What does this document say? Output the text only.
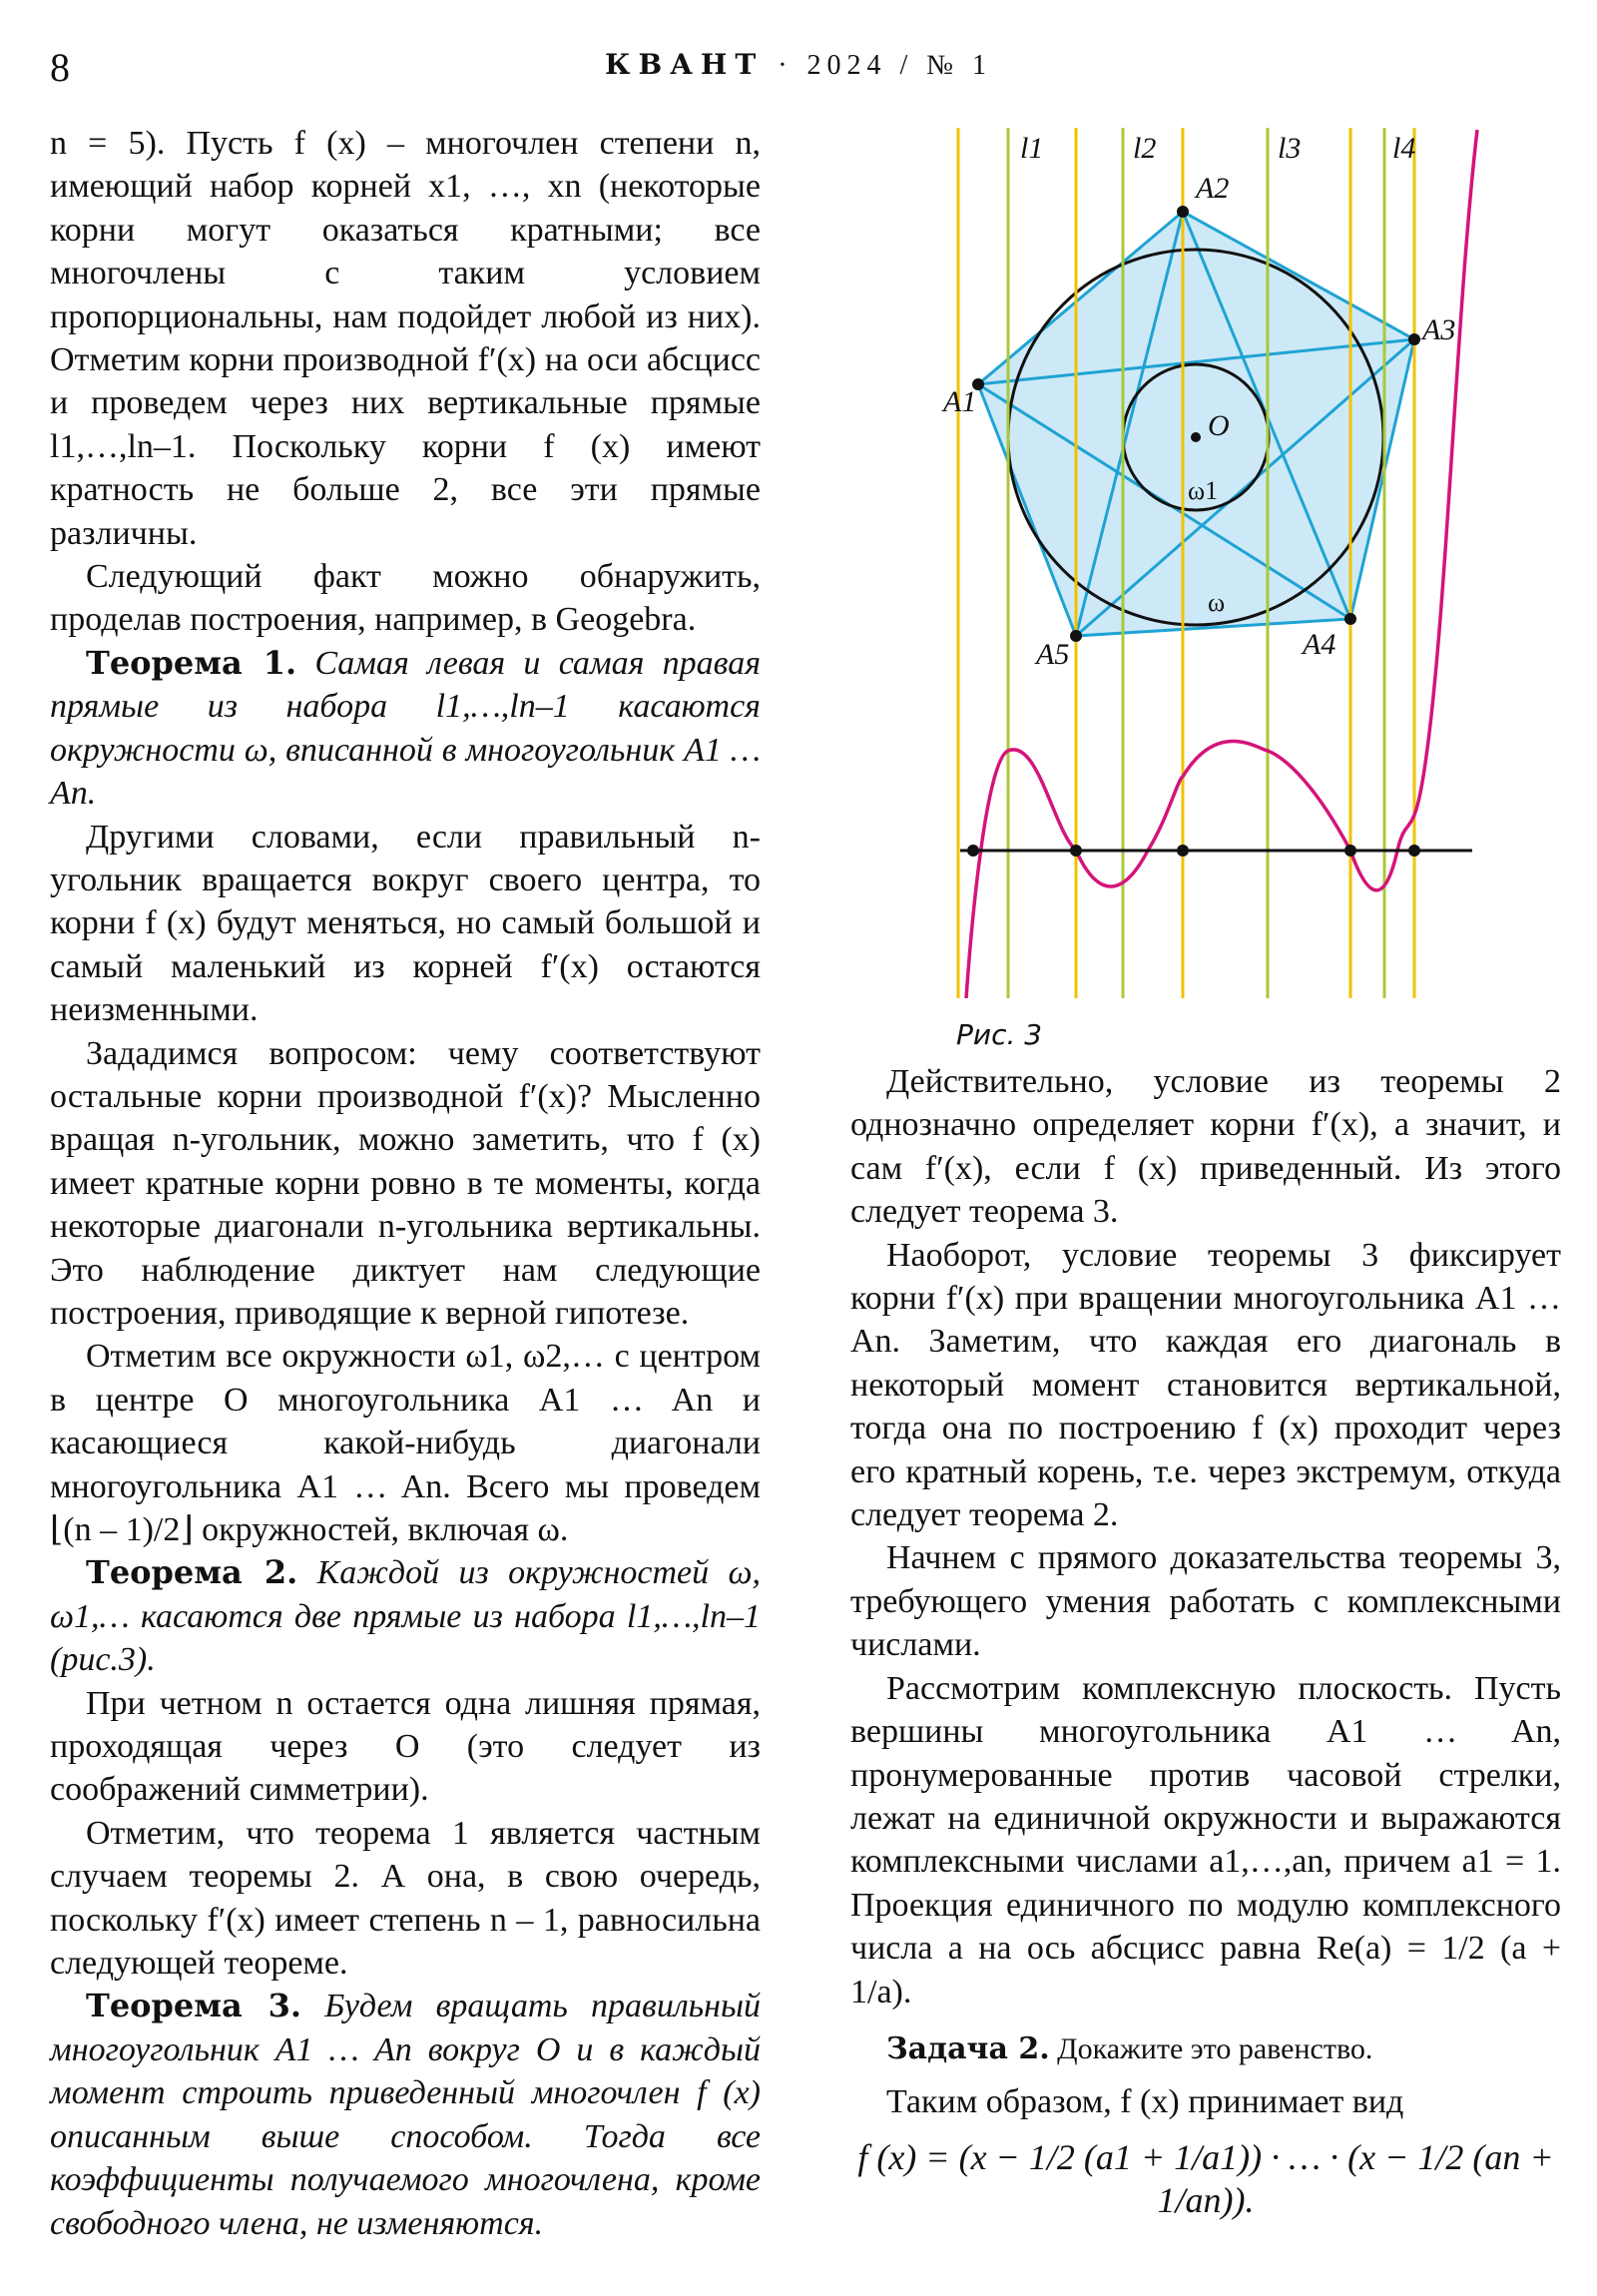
8	КВАНТ · 2024 / № 1

n = 5). Пусть f (x) – многочлен степени n, имеющий набор корней x1, …, xn (некоторые корни могут оказаться кратными; все многочлены с таким условием пропорциональны, нам подойдет любой из них). Отметим корни производной f′(x) на оси абсцисс и проведем через них вертикальные прямые l1,…,ln–1. Поскольку корни f (x) имеют кратность не больше 2, все эти прямые различны.

Следующий факт можно обнаружить, проделав построения, например, в Geogebra.

Теорема 1. Самая левая и самая правая прямые из набора l1,…,ln–1 касаются окружности ω, вписанной в многоугольник A1 … An.

Другими словами, если правильный n-угольник вращается вокруг своего центра, то корни f (x) будут меняться, но самый большой и самый маленький из корней f′(x) остаются неизменными.

Зададимся вопросом: чему соответствуют остальные корни производной f′(x)? Мысленно вращая n-угольник, можно заметить, что f (x) имеет кратные корни ровно в те моменты, когда некоторые диагонали n-угольника вертикальны. Это наблюдение диктует нам следующие построения, приводящие к верной гипотезе.

Отметим все окружности ω1, ω2,… с центром в центре O многоугольника A1 … An и касающиеся какой-нибудь диагонали многоугольника A1 … An. Всего мы проведем ⌊(n – 1)/2⌋ окружностей, включая ω.

Теорема 2. Каждой из окружностей ω, ω1,… касаются две прямые из набора l1,…,ln–1 (рис.3).

При четном n остается одна лишняя прямая, проходящая через O (это следует из соображений симметрии).

Отметим, что теорема 1 является частным случаем теоремы 2. А она, в свою очередь, поскольку f′(x) имеет степень n – 1, равносильна следующей теореме.

Теорема 3. Будем вращать правильный многоугольник A1 … An вокруг O и в каждый момент строить приведенный многочлен f (x) описанным выше способом. Тогда все коэффициенты получаемого многочлена, кроме свободного члена, не изменяются.

l1	l2	l3	l4
A1
A2
A3
A4
A5
O
ω1
ω
Рис. 3

Действительно, условие из теоремы 2 однозначно определяет корни f′(x), а значит, и сам f′(x), если f (x) приведенный. Из этого следует теорема 3.

Наоборот, условие теоремы 3 фиксирует корни f′(x) при вращении многоугольника A1 … An. Заметим, что каждая его диагональ в некоторый момент становится вертикальной, тогда она по построению f (x) проходит через его кратный корень, т.е. через экстремум, откуда следует теорема 2.

Начнем с прямого доказательства теоремы 3, требующего умения работать с комплексными числами.

Рассмотрим комплексную плоскость. Пусть вершины многоугольника A1 … An, пронумерованные против часовой стрелки, лежат на единичной окружности и выражаются комплексными числами a1,…,an, причем a1 = 1. Проекция единичного по модулю комплексного числа a на ось абсцисс равна Re(a) = 1/2 (a + 1/a).

Задача 2. Докажите это равенство.

Таким образом, f (x) принимает вид

f (x) = (x − 1/2 (a1 + 1/a1)) · … · (x − 1/2 (an + 1/an)).
